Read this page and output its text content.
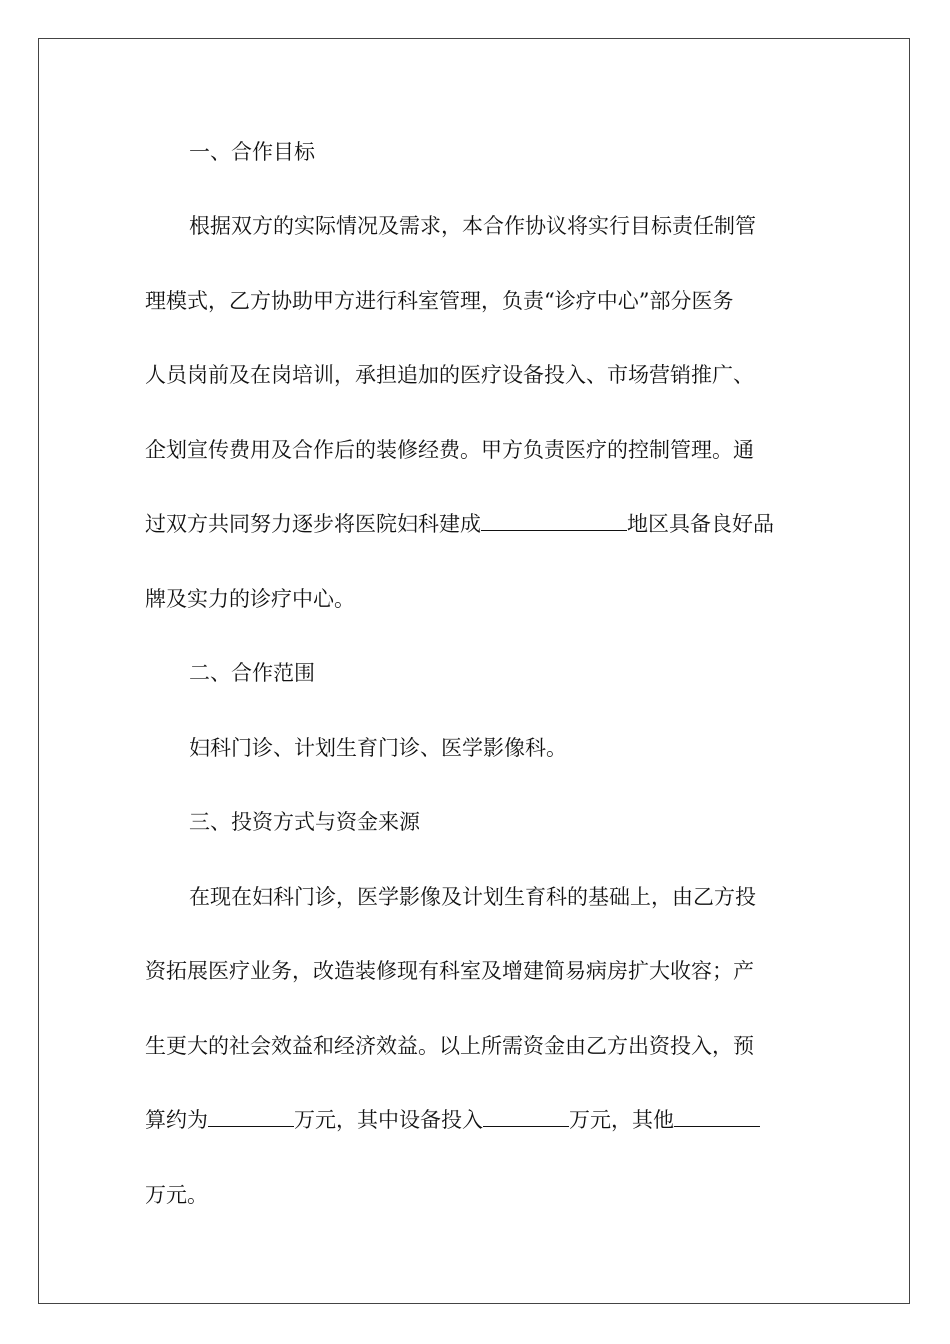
一、合作目标
根据双方的实际情况及需求，本合作协议将实行目标责任制管
理模式，乙方协助甲方进行科室管理，负责“诊疗中心”部分医务
人员岗前及在岗培训，承担追加的医疗设备投入、市场营销推广、
企划宣传费用及合作后的装修经费。甲方负责医疗的控制管理。通
过双方共同努力逐步将医院妇科建成	地区具备良好品
牌及实力的诊疗中心。
二、合作范围
妇科门诊、计划生育门诊、医学影像科。
三、投资方式与资金来源
在现在妇科门诊，医学影像及计划生育科的基础上，由乙方投
资拓展医疗业务，改造装修现有科室及增建简易病房扩大收容；产
生更大的社会效益和经济效益。以上所需资金由乙方出资投入，预
算约为	万元，其中设备投入	万元，其他
万元。
